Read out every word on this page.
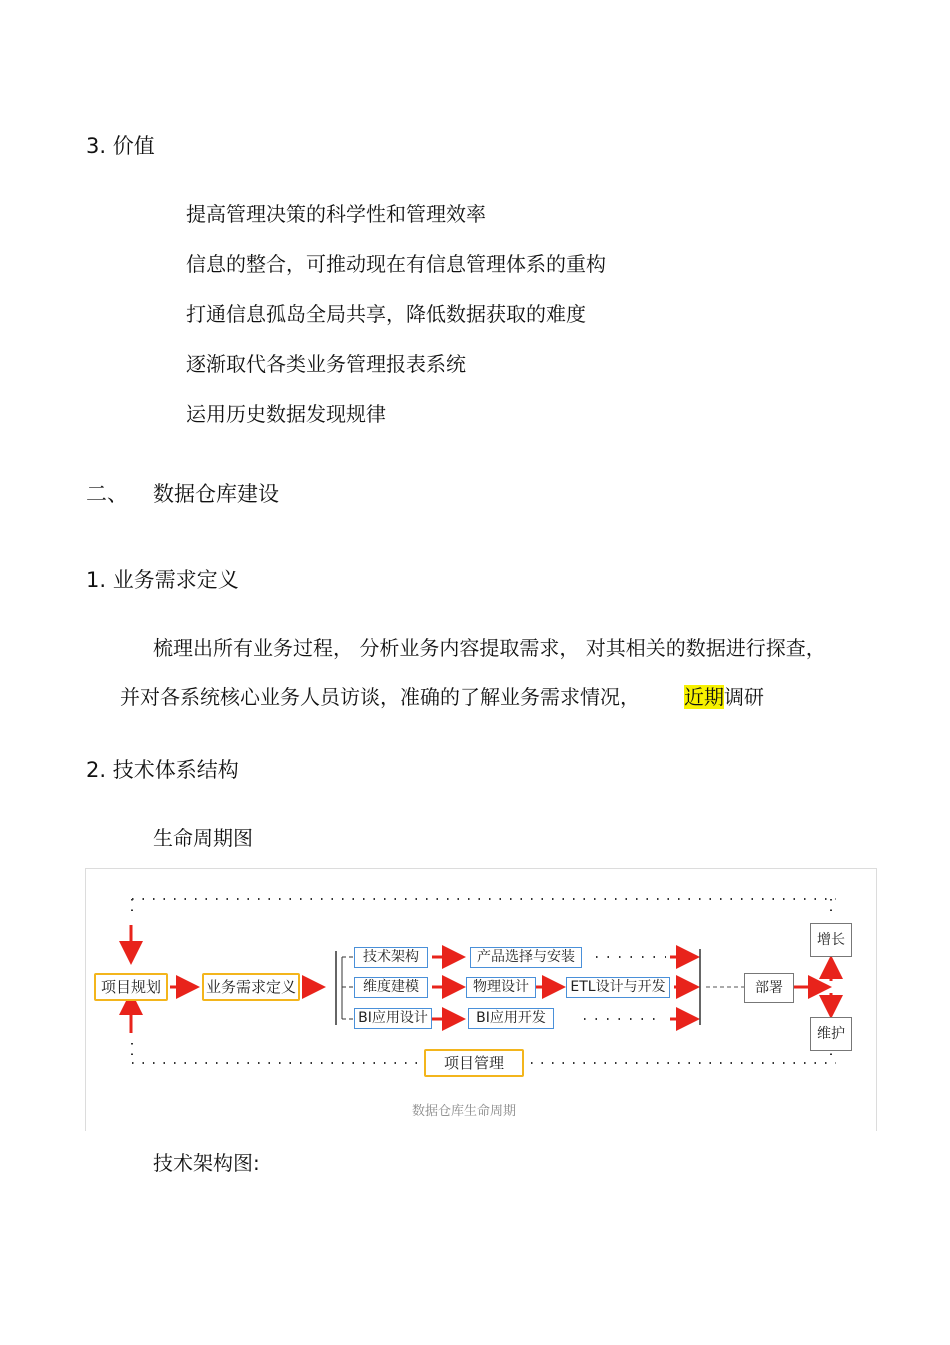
3. 价值
提高管理决策的科学性和管理效率
信息的整合，可推动现在有信息管理体系的重构
打通信息孤岛全局共享，降低数据获取的难度
逐渐取代各类业务管理报表系统
运用历史数据发现规律
二、 数据仓库建设
1. 业务需求定义
梳理出所有业务过程， 分析业务内容提取需求， 对其相关的数据进行探查，
并对各系统核心业务人员访谈，准确的了解业务需求情况， 近期调研
2. 技术体系结构
生命周期图
项目规划	业务需求定义
技术架构
维度建模
BI应用设计
产品选择与安装
物理设计	ETL设计与开发
BI应用开发
部署
增长
维护
项目管理
数据仓库生命周期
技术架构图:
